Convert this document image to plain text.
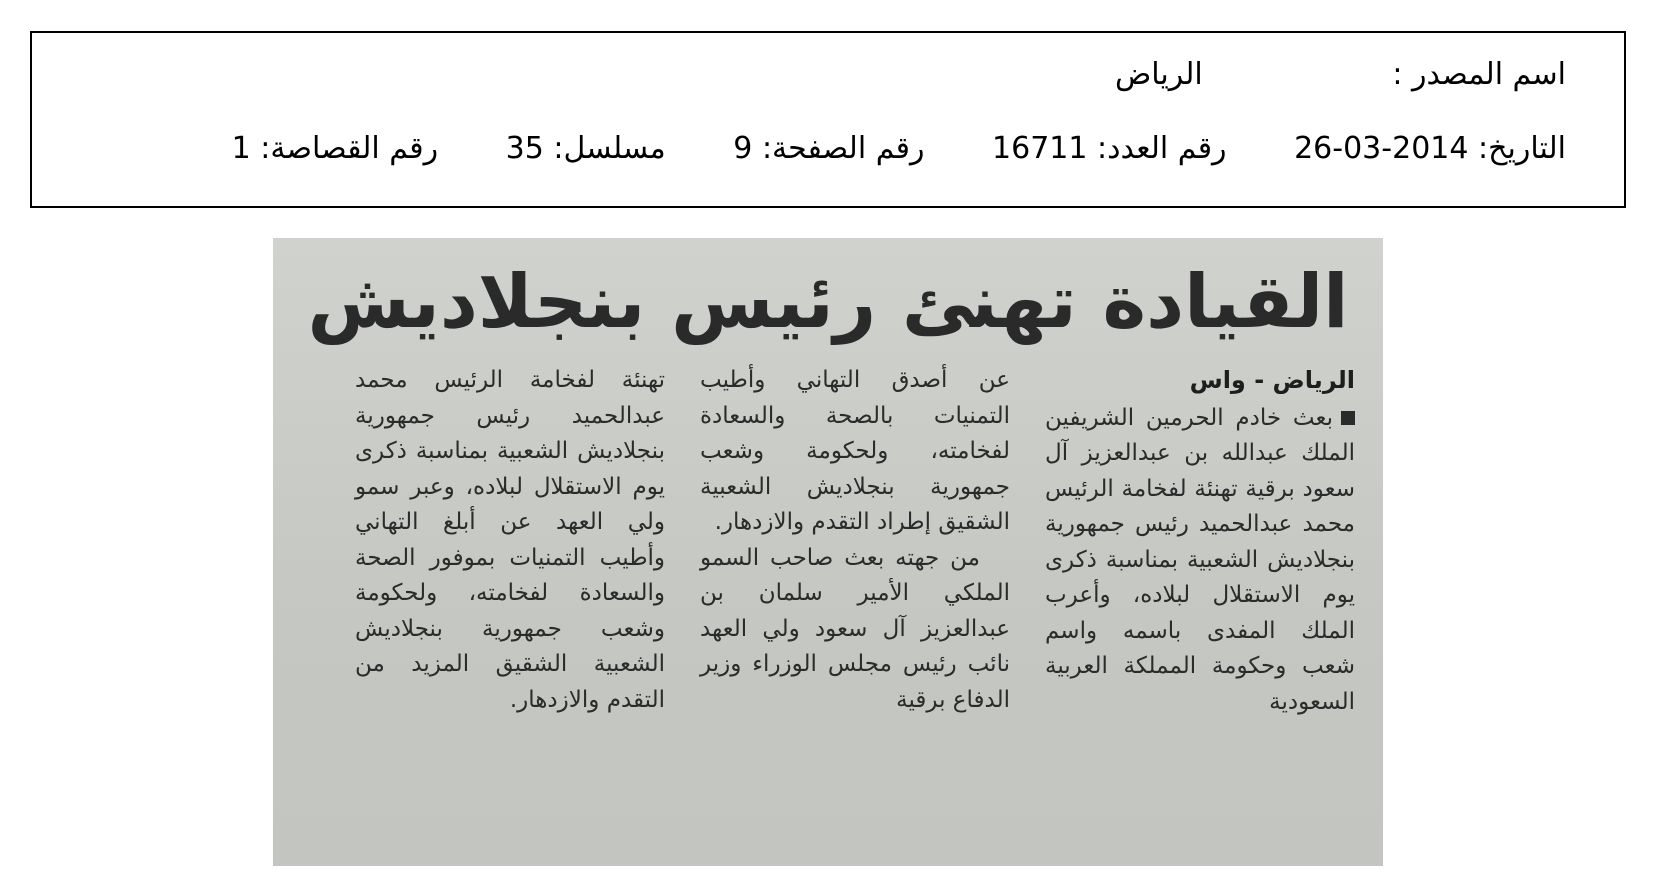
اسم المصدر : الرياض
التاريخ: 2014-03-26 رقم العدد: 16711 رقم الصفحة: 9 مسلسل: 35 رقم القصاصة: 1
القيادة تهنئ رئيس بنجلاديش
الرياض - واس
بعث خادم الحرمين الشريفين الملك عبدالله بن عبدالعزيز آل سعود برقية تهنئة لفخامة الرئيس محمد عبدالحميد رئيس جمهورية بنجلاديش الشعبية بمناسبة ذكرى يوم الاستقلال لبلاده، وأعرب الملك المفدى باسمه واسم شعب وحكومة المملكة العربية السعودية
عن أصدق التهاني وأطيب التمنيات بالصحة والسعادة لفخامته، ولحكومة وشعب جمهورية بنجلاديش الشعبية الشقيق إطراد التقدم والازدهار.
من جهته بعث صاحب السمو الملكي الأمير سلمان بن عبدالعزيز آل سعود ولي العهد نائب رئيس مجلس الوزراء وزير الدفاع برقية
تهنئة لفخامة الرئيس محمد عبدالحميد رئيس جمهورية بنجلاديش الشعبية بمناسبة ذكرى يوم الاستقلال لبلاده، وعبر سمو ولي العهد عن أبلغ التهاني وأطيب التمنيات بموفور الصحة والسعادة لفخامته، ولحكومة وشعب جمهورية بنجلاديش الشعبية الشقيق المزيد من التقدم والازدهار.
